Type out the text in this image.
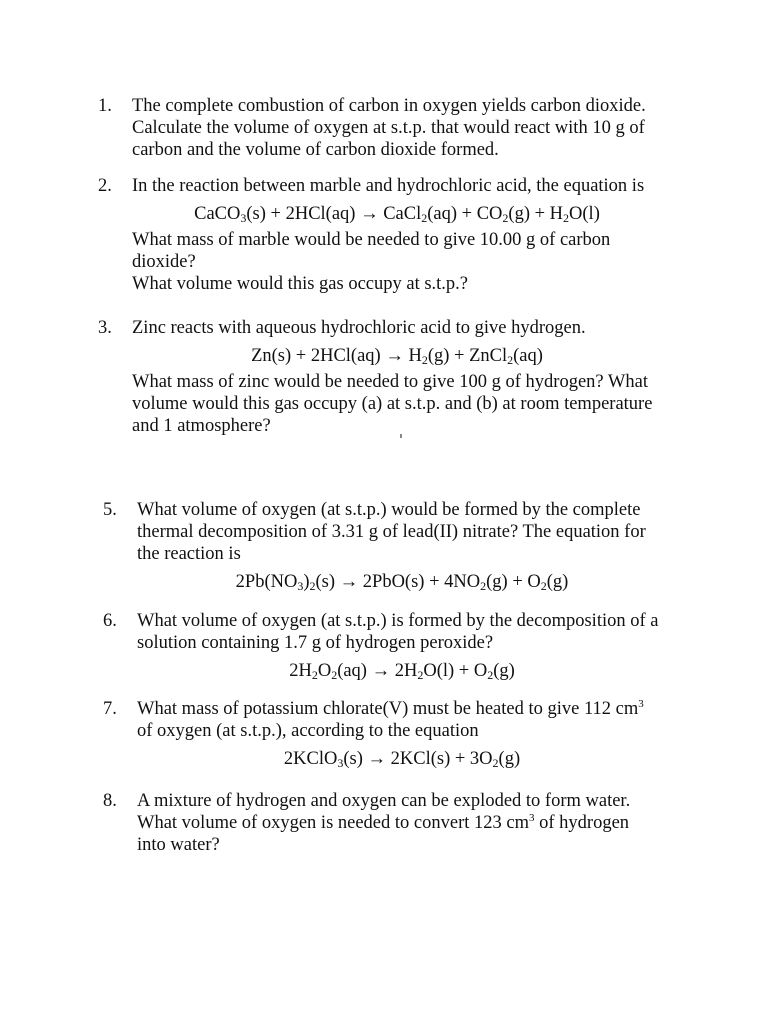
1. The complete combustion of carbon in oxygen yields carbon dioxide.
Calculate the volume of oxygen at s.t.p. that would react with 10 g of
carbon and the volume of carbon dioxide formed.
2. In the reaction between marble and hydrochloric acid, the equation is
CaCO$_3$(s) + 2HCl(aq) → CaCl$_2$(aq) + $CO_2(g) + H_2O(l)$
What mass of marble would be needed to give 10.00 g of carbon
dioxide?
What volume would this gas occupy at s.t.p.?
3. Zinc reacts with aqueous hydrochloric acid to give hydrogen.
$Zn(s) + 2HCl(aq) \to H_2(g)$ + ZnCl$_2$(aq)
What mass of zinc would be needed to give 100 g of hydrogen? What
volume would this gas occupy (a) at s.t.p. and (b) at room temperature
and 1 atmosphere?
5. What volume of oxygen (at s.t.p.) would be formed by the complete
thermal decomposition of 3.31 g of lead(II) nitrate? The equation for
the reaction is
$2Pb(NO_3)_2(s) \to 2PbO(s) + 4NO_2(g) + O_2(g)$
6. What volume of oxygen (at s.t.p.) is formed by the decomposition of a
solution containing 1.7 g of hydrogen peroxide?
$2H_2O_2(aq) \to 2H_2O(l) + O_2(g)$
7. What mass of potassium chlorate(V) must be heated to give 112 $cm^3$
of oxygen (at s.t.p.), according to the equation
2KClO$_3$(s) → $2KCl(s) + 3O_2(g)$
8. A mixture of hydrogen and oxygen can be exploded to form water.
What volume of oxygen is needed to convert 123 $cm^3$ of hydrogen
into water?
